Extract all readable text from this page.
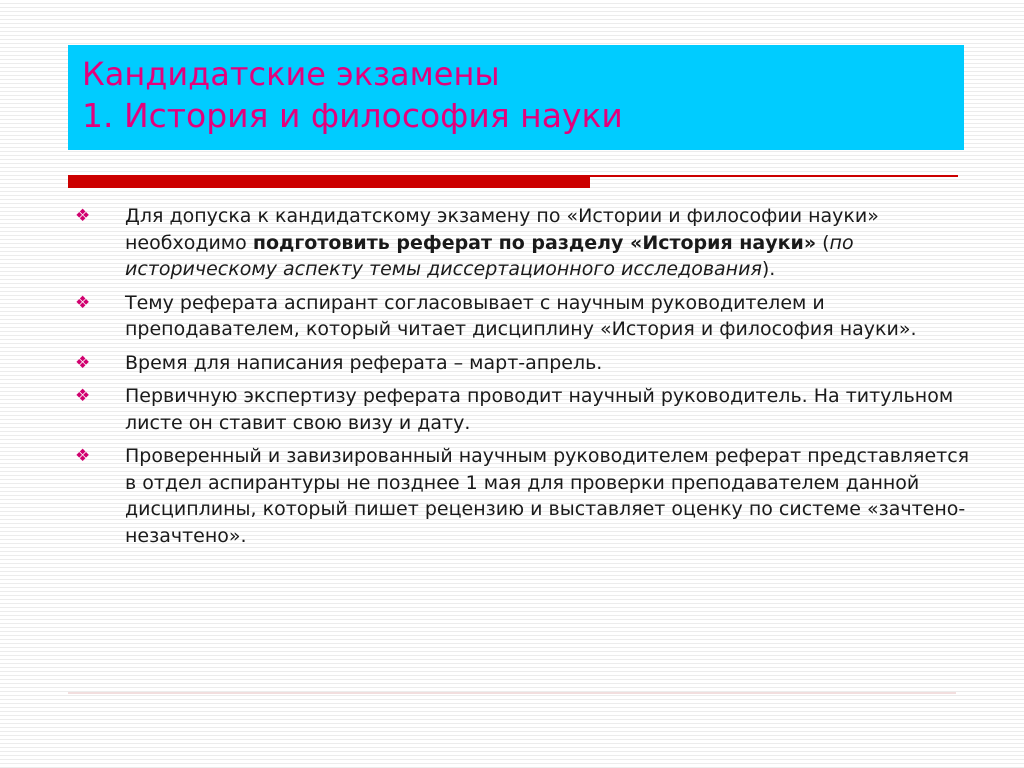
Кандидатские экзамены
1. История и философия науки
❖ Для допуска к кандидатскому экзамену по «Истории и философии науки» необходимо подготовить реферат по разделу «История науки» (по историческому аспекту темы диссертационного исследования).
❖ Тему реферата аспирант согласовывает с научным руководителем и преподавателем, который читает дисциплину «История и философия науки».
❖ Время для написания реферата – март-апрель.
❖ Первичную экспертизу реферата проводит научный руководитель. На титульном листе он ставит свою визу и дату.
❖ Проверенный и завизированный научным руководителем реферат представляется в отдел аспирантуры не позднее 1 мая для проверки преподавателем данной дисциплины, который пишет рецензию и выставляет оценку по системе «зачтено-незачтено».
